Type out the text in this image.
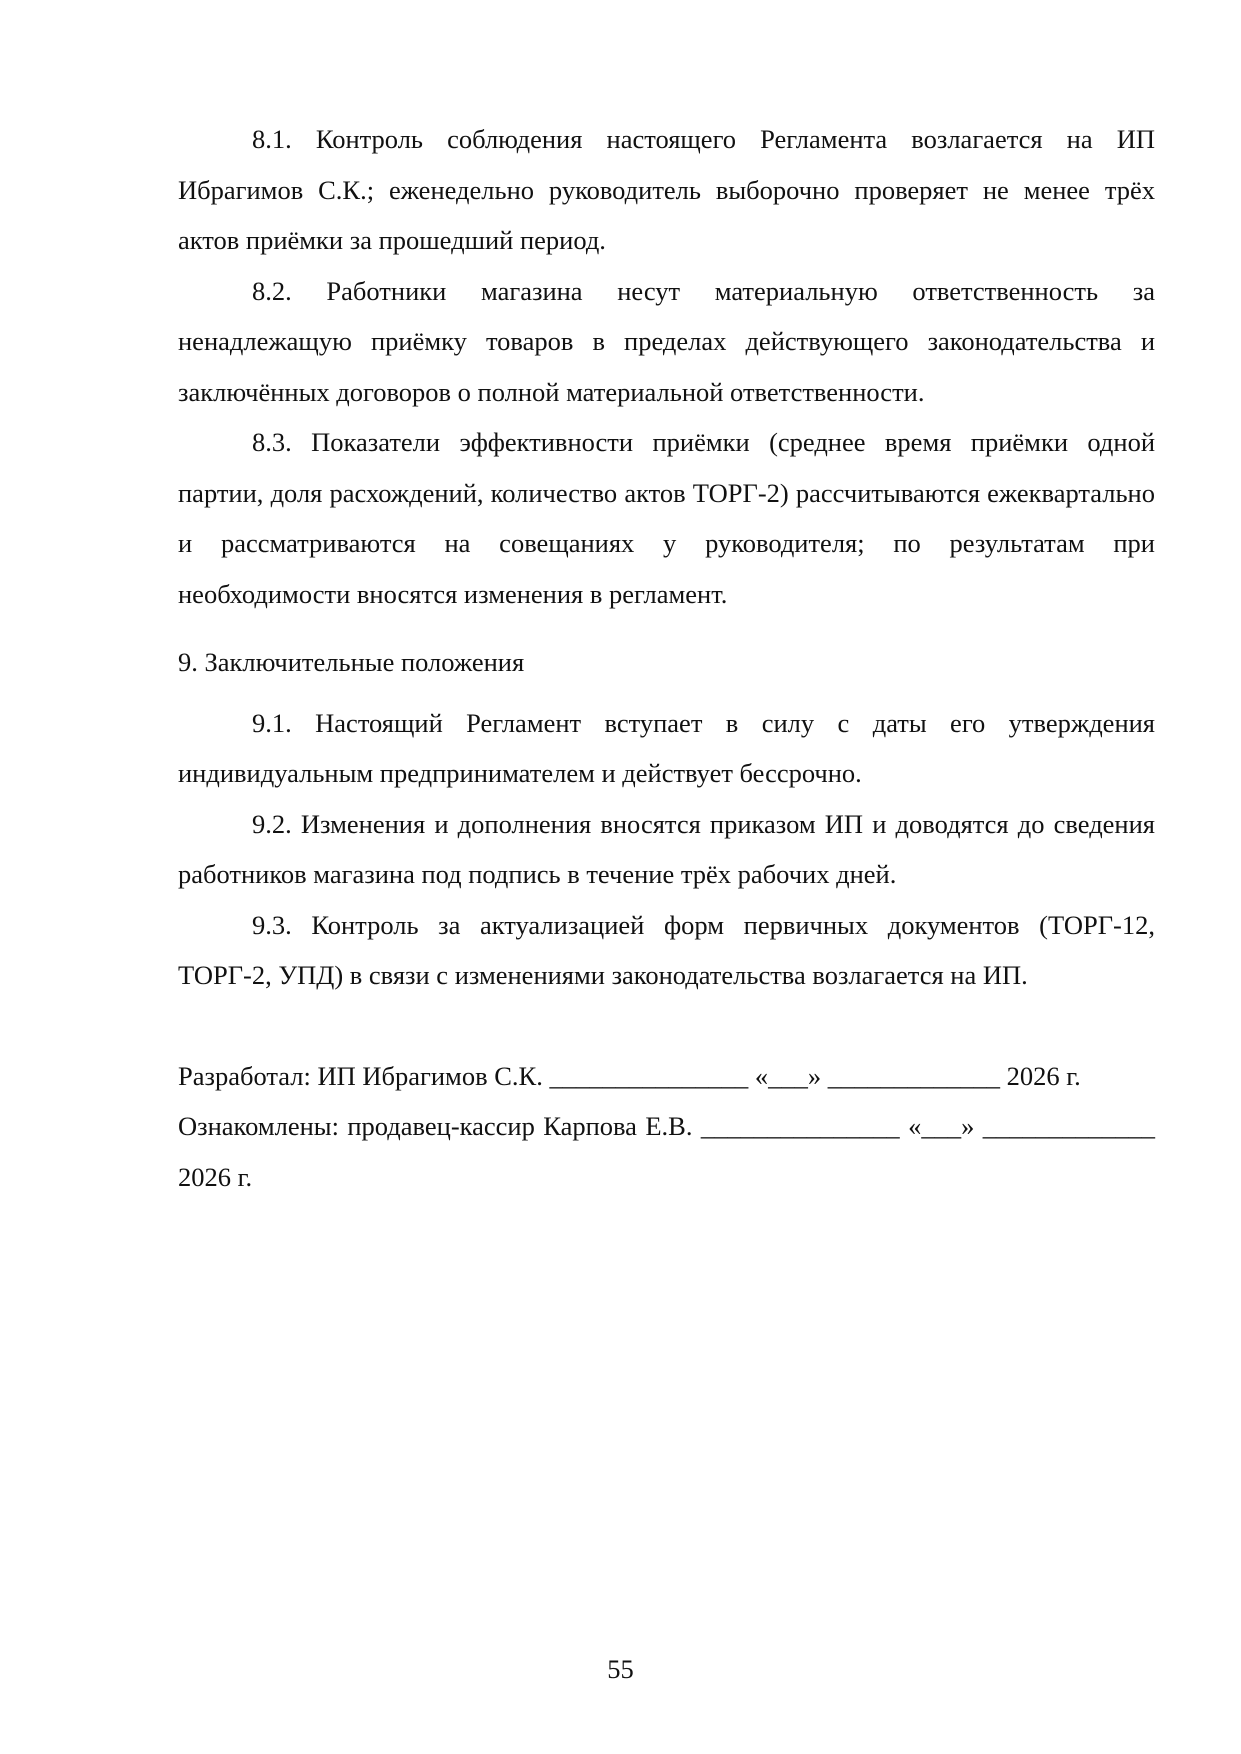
8.1. Контроль соблюдения настоящего Регламента возлагается на ИП Ибрагимов С.К.; еженедельно руководитель выборочно проверяет не менее трёх актов приёмки за прошедший период.

8.2. Работники магазина несут материальную ответственность за ненадлежащую приёмку товаров в пределах действующего законодательства и заключённых договоров о полной материальной ответственности.

8.3. Показатели эффективности приёмки (среднее время приёмки одной партии, доля расхождений, количество актов ТОРГ-2) рассчитываются ежеквартально и рассматриваются на совещаниях у руководителя; по результатам при необходимости вносятся изменения в регламент.

9. Заключительные положения

9.1. Настоящий Регламент вступает в силу с даты его утверждения индивидуальным предпринимателем и действует бессрочно.

9.2. Изменения и дополнения вносятся приказом ИП и доводятся до сведения работников магазина под подпись в течение трёх рабочих дней.

9.3. Контроль за актуализацией форм первичных документов (ТОРГ-12, ТОРГ-2, УПД) в связи с изменениями законодательства возлагается на ИП.

Разработал: ИП Ибрагимов С.К. _______________ «___» _____________ 2026 г.

Ознакомлены: продавец-кассир Карпова Е.В. _______________ «___» _____________ 2026 г.

55
